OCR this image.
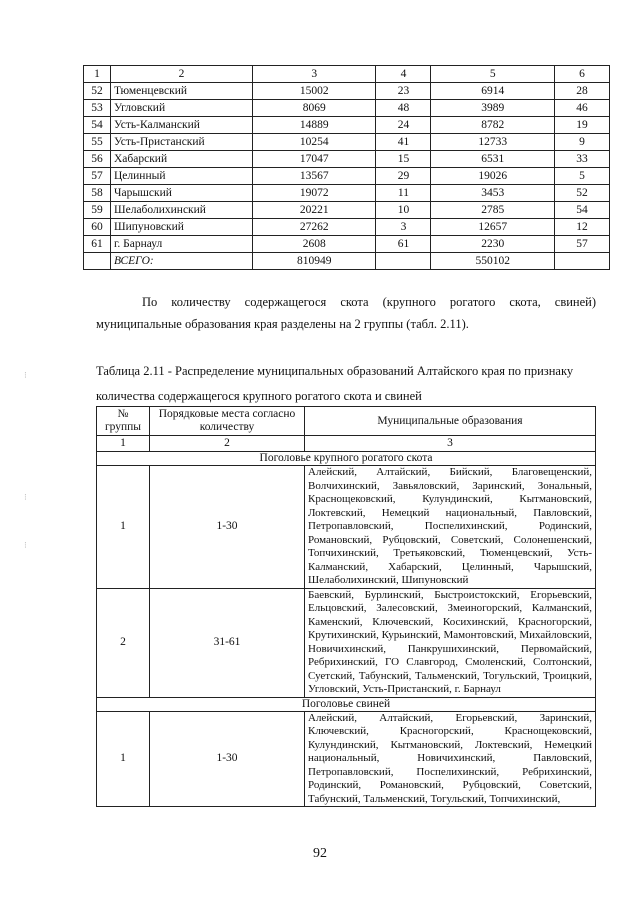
1	2	3	4	5	6
52	Тюменцевский	15002	23	6914	28
53	Угловский	8069	48	3989	46
54	Усть-Калманский	14889	24	8782	19
55	Усть-Пристанский	10254	41	12733	9
56	Хабарский	17047	15	6531	33
57	Целинный	13567	29	19026	5
58	Чарышский	19072	11	3453	52
59	Шелаболихинский	20221	10	2785	54
60	Шипуновский	27262	3	12657	12
61	г. Барнаул	2608	61	2230	57
	ВСЕГО:	810949		550102	

По количеству содержащегося скота (крупного рогатого скота, свиней) муниципальные образования края разделены на 2 группы (табл. 2.11).

Таблица 2.11 - Распределение муниципальных образований Алтайского края по признаку количества содержащегося крупного рогатого скота и свиней

№ группы	Порядковые места согласно количеству	Муниципальные образования
1	2	3
Поголовье крупного рогатого скота		
1	1-30	Алейский, Алтайский, Бийский, Благовещенский, Волчихинский, Завьяловский, Заринский, Зональный, Краснощековский, Кулундинский, Кытмановский, Локтевский, Немецкий национальный, Павловский, Петропавловский, Поспелихинский, Родинский, Романовский, Рубцовский, Советский, Солонешенский, Топчихинский, Третьяковский, Тюменцевский, Усть-Калманский, Хабарский, Целинный, Чарышский, Шелаболихинский, Шипуновский
2	31-61	Баевский, Бурлинский, Быстроистокский, Егорьевский, Ельцовский, Залесовский, Змеиногорский, Калманский, Каменский, Ключевский, Косихинский, Красногорский, Крутихинский, Курьинский, Мамонтовский, Михайловский, Новичихинский, Панкрушихинский, Первомайский, Ребрихинский, ГО Славгород, Смоленский, Солтонский, Суетский, Табунский, Тальменский, Тогульский, Троицкий, Угловский, Усть-Пристанский, г. Барнаул
Поголовье свиней		
1	1-30	Алейский, Алтайский, Егорьевский, Заринский, Ключевский, Красногорский, Краснощековский, Кулундинский, Кытмановский, Локтевский, Немецкий национальный, Новичихинский, Павловский, Петропавловский, Поспелихинский, Ребрихинский, Родинский, Романовский, Рубцовский, Советский, Табунский, Тальменский, Тогульский, Топчихинский,
92
⁝
⁝
⁝
